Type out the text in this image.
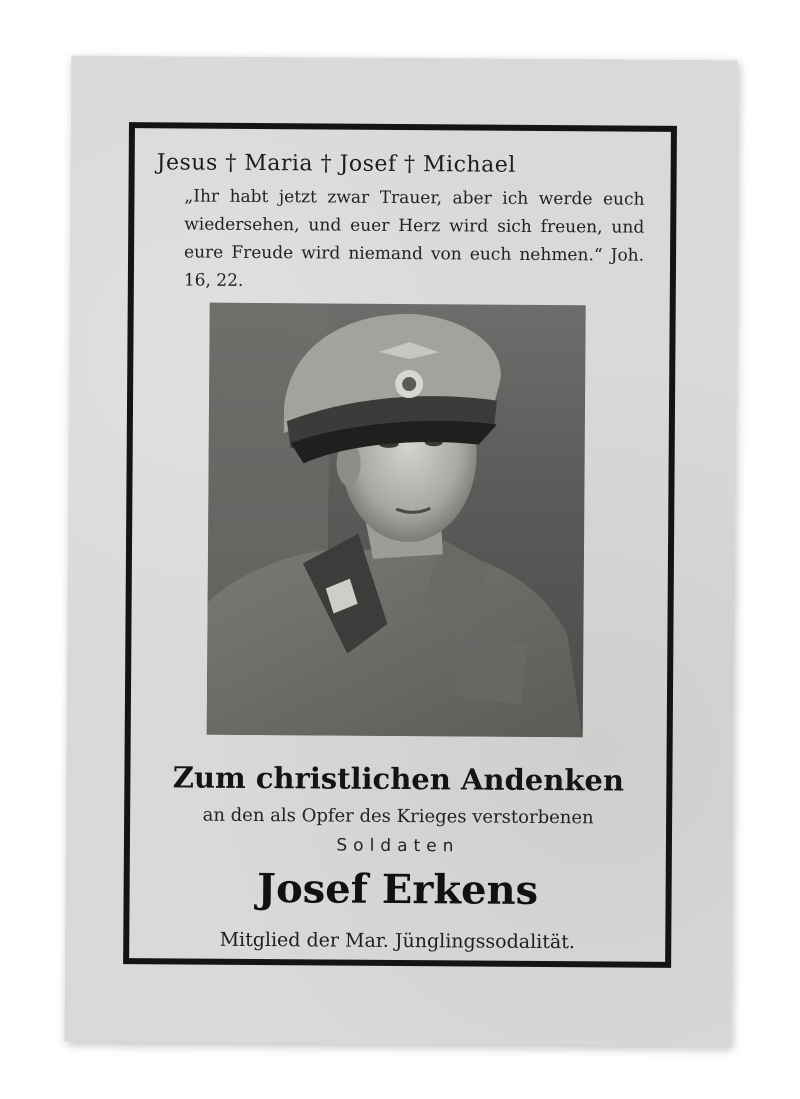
Jesus † Maria † Josef † Michael

„Ihr habt jetzt zwar Trauer, aber ich werde euch wiedersehen, und euer Herz wird sich freuen, und eure Freude wird niemand von euch nehmen.“ Joh. 16, 22.

Zum christlichen Andenken

an den als Opfer des Krieges verstorbenen

Soldaten

Josef Erkens

Mitglied der Mar. Jünglingssodalität.
